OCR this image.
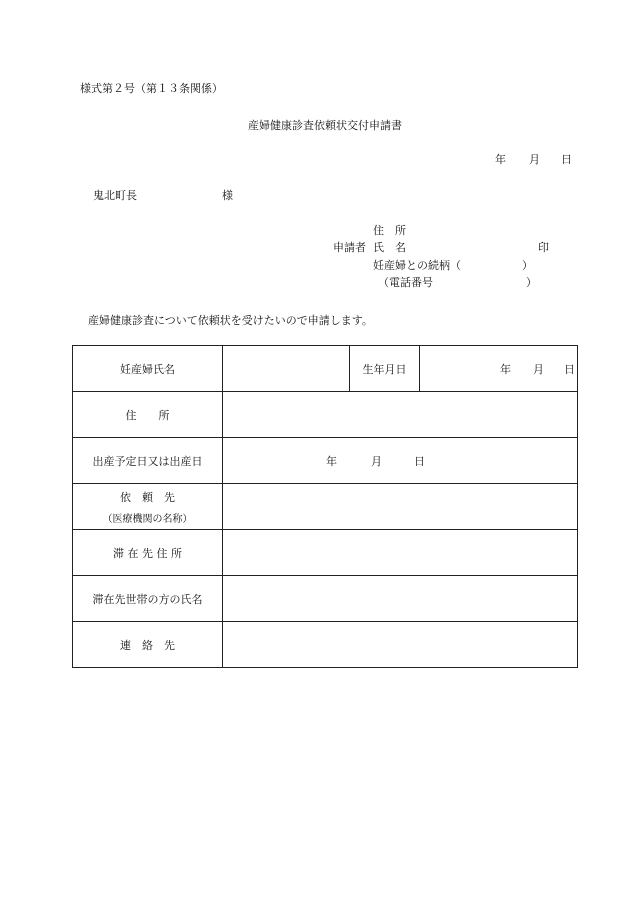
様式第２号（第１３条関係）
産婦健康診査依頼状交付申請書
年 月 日
鬼北町長	様
住　所
申請者 氏　名	印
妊産婦との続柄（	）
（電話番号	）
産婦健康診査について依頼状を受けたいので申請します。
妊産婦氏名		生年月日	年 月 日
住　　所			
出産予定日又は出産日	年 月 日		
依　頼　先
（医療機関の名称）			

滞 在 先 住 所			
滞在先世帯の方の氏名			
連　絡　先			
